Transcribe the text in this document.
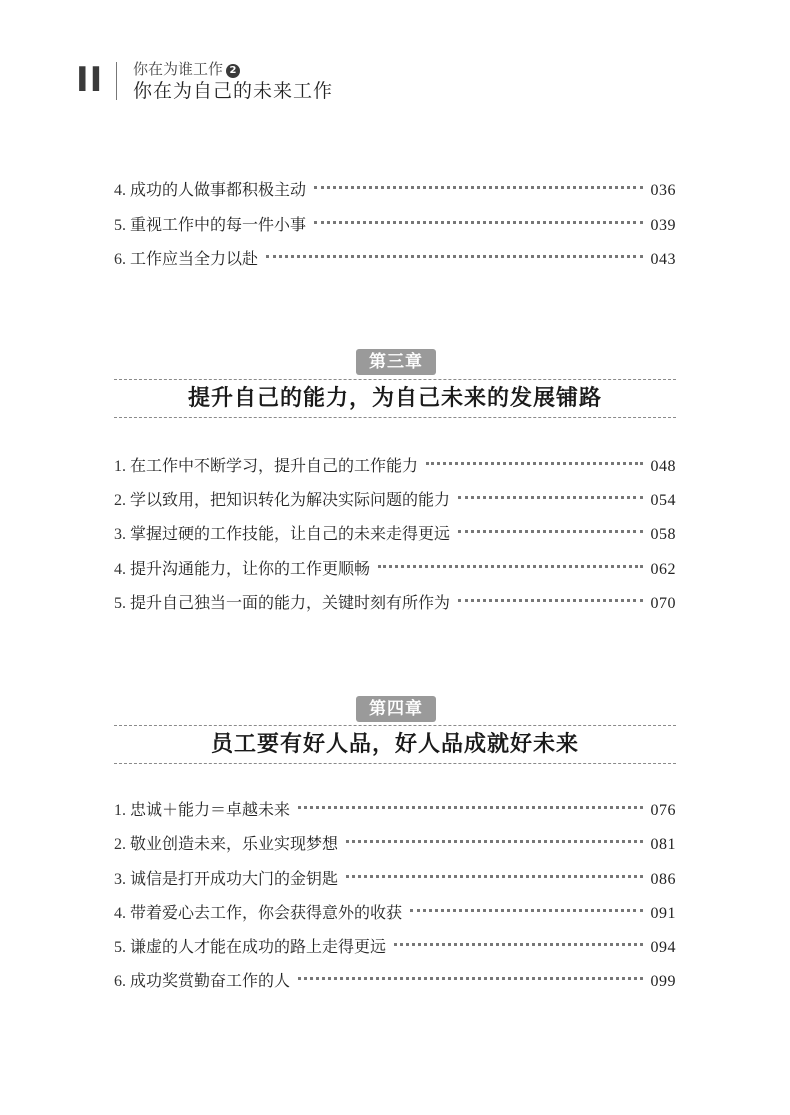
II 你在为谁工作 2
你在为自己的未来工作
4. 成功的人做事都积极主动	036
5. 重视工作中的每一件小事	039
6. 工作应当全力以赴	043
第三章
提升自己的能力，为自己未来的发展铺路
1. 在工作中不断学习，提升自己的工作能力	048
2. 学以致用，把知识转化为解决实际问题的能力	054
3. 掌握过硬的工作技能，让自己的未来走得更远	058
4. 提升沟通能力，让你的工作更顺畅	062
5. 提升自己独当一面的能力，关键时刻有所作为	070
第四章
员工要有好人品，好人品成就好未来
1. 忠诚＋能力＝卓越未来	076
2. 敬业创造未来，乐业实现梦想	081
3. 诚信是打开成功大门的金钥匙	086
4. 带着爱心去工作，你会获得意外的收获	091
5. 谦虚的人才能在成功的路上走得更远	094
6. 成功奖赏勤奋工作的人	099
